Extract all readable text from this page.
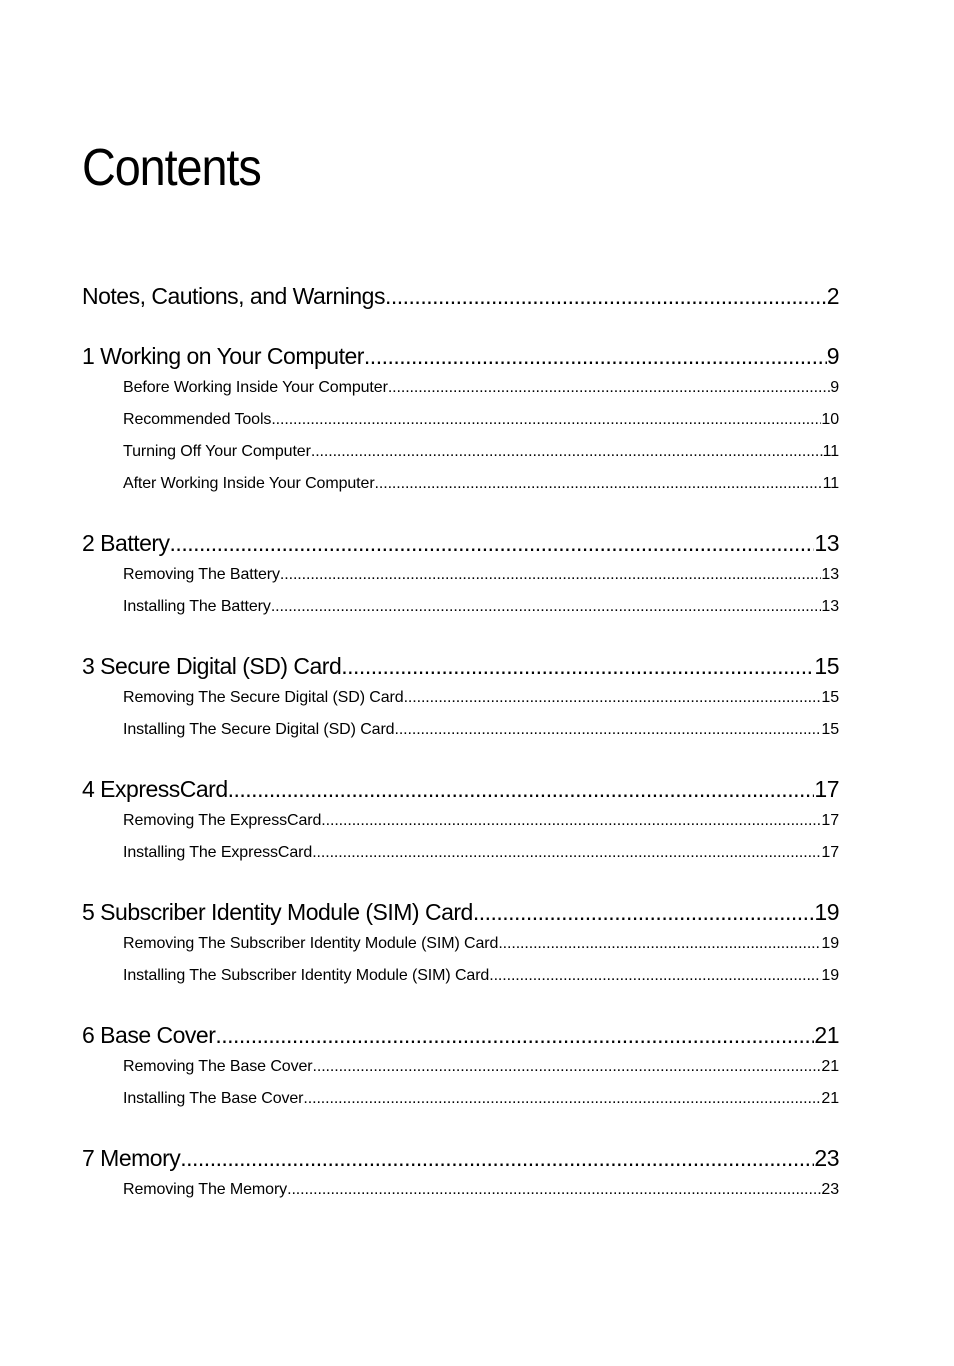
Contents
Notes, Cautions, and Warnings .....	2
1 Working on Your Computer .....	9
Before Working Inside Your Computer .....	9
Recommended Tools .....	10
Turning Off Your Computer .....	11
After Working Inside Your Computer .....	11
2 Battery .....	13
Removing The Battery .....	13
Installing The Battery .....	13
3 Secure Digital (SD) Card .....	15
Removing The Secure Digital (SD) Card .....	15
Installing The Secure Digital (SD) Card .....	15
4 ExpressCard .....	17
Removing The ExpressCard .....	17
Installing The ExpressCard .....	17
5 Subscriber Identity Module (SIM) Card .....	19
Removing The Subscriber Identity Module (SIM) Card .....	19
Installing The Subscriber Identity Module (SIM) Card .....	19
6 Base Cover .....	21
Removing The Base Cover .....	21
Installing The Base Cover .....	21
7 Memory .....	23
Removing The Memory .....	23
